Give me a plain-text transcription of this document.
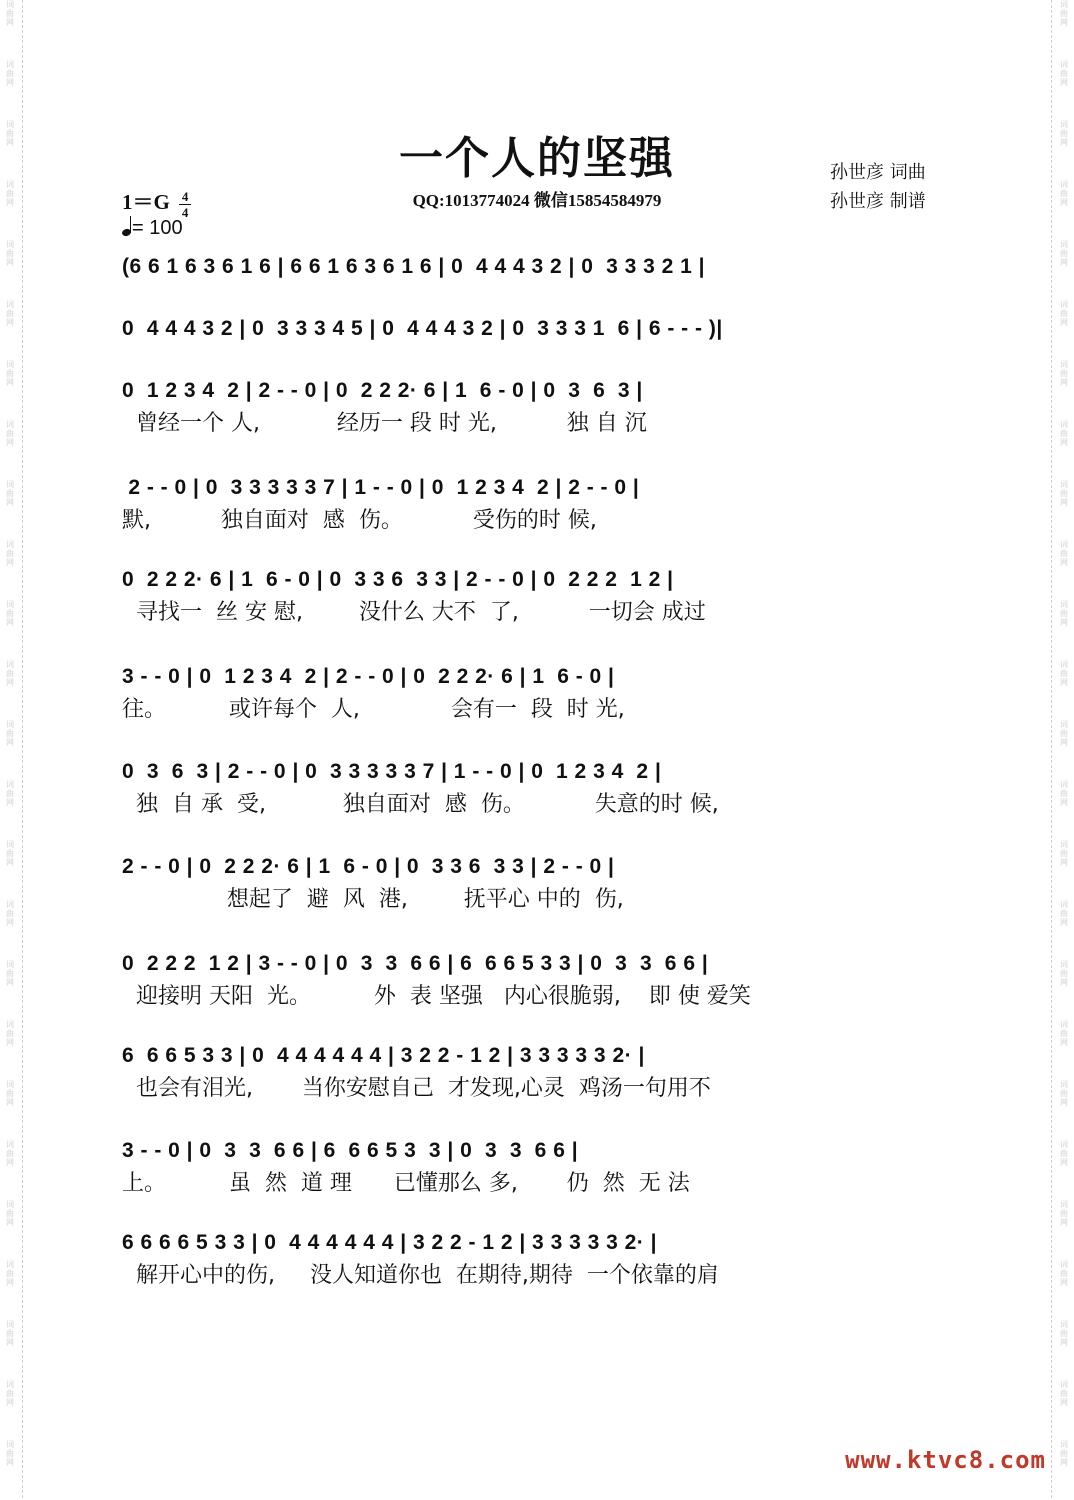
词曲网
词曲网
词曲网
词曲网
词曲网
词曲网
词曲网
词曲网
词曲网
词曲网
词曲网
词曲网
词曲网
词曲网
词曲网
词曲网
词曲网
词曲网
词曲网
词曲网
词曲网
词曲网
词曲网
词曲网
词曲网
词曲网
词曲网
词曲网
词曲网
词曲网
词曲网
词曲网
词曲网
词曲网
词曲网
词曲网
词曲网
词曲网
词曲网
词曲网
词曲网
词曲网
词曲网
词曲网
词曲网
词曲网
词曲网
词曲网
词曲网
词曲网
一个人的坚强
QQ:1013774024 微信15854584979
孙世彦 词曲
孙世彦 制谱
$1=G \frac{4}{4}$
= 100
(6 6 1 6 3 6 1 6 | 6 6 1 6 3 6 1 6 | 0  4 4 4 3 2 | 0  3 3 3 2 1 |
0  4 4 4 3 2 | 0  3 3 3 4 5 | 0  4 4 4 3 2 | 0  3 3 3 1  6 | 6 - - - )|
0  1 2 3 4  2 | 2 - - 0 | 0  2 2 2· 6 | 1  6 - 0 | 0  3  6  3 |
曾经一个 人,           经历一 段 时 光,          独 自 沉
2 - - 0 | 0  3 3 3 3 3 7 | 1 - - 0 | 0  1 2 3 4  2 | 2 - - 0 |
默,          独自面对  感  伤。          受伤的时 候,
0  2 2 2· 6 | 1  6 - 0 | 0  3 3 6  3 3 | 2 - - 0 | 0  2 2 2  1 2 |
寻找一  丝 安 慰,        没什么 大不  了,          一切会 成过
3 - - 0 | 0  1 2 3 4  2 | 2 - - 0 | 0  2 2 2· 6 | 1  6 - 0 |
往。         或许每个  人,             会有一  段  时 光,
0  3  6  3 | 2 - - 0 | 0  3 3 3 3 3 7 | 1 - - 0 | 0  1 2 3 4  2 |
独  自 承  受,           独自面对  感  伤。          失意的时 候,
2 - - 0 | 0  2 2 2· 6 | 1  6 - 0 | 0  3 3 6  3 3 | 2 - - 0 |
想起了  避  风  港,        抚平心 中的  伤,
0  2 2 2  1 2 | 3 - - 0 | 0  3  3  6 6 | 6  6 6 5 3 3 | 0  3  3  6 6 |
迎接明 天阳  光。         外  表 坚强   内心很脆弱,    即 使 爱笑
6  6 6 5 3 3 | 0  4 4 4 4 4 4 | 3 2 2 - 1 2 | 3 3 3 3 3 2· |
也会有泪光,       当你安慰自己  才发现,心灵  鸡汤一句用不
3 - - 0 | 0  3  3  6 6 | 6  6 6 5 3  3 | 0  3  3  6 6 |
上。         虽  然  道 理      已懂那么 多,       仍  然  无 法
6 6 6 6 5 3 3 | 0  4 4 4 4 4 4 | 3 2 2 - 1 2 | 3 3 3 3 3 2· |
解开心中的伤,     没人知道你也  在期待,期待  一个依靠的肩
www.ktvc8.com
